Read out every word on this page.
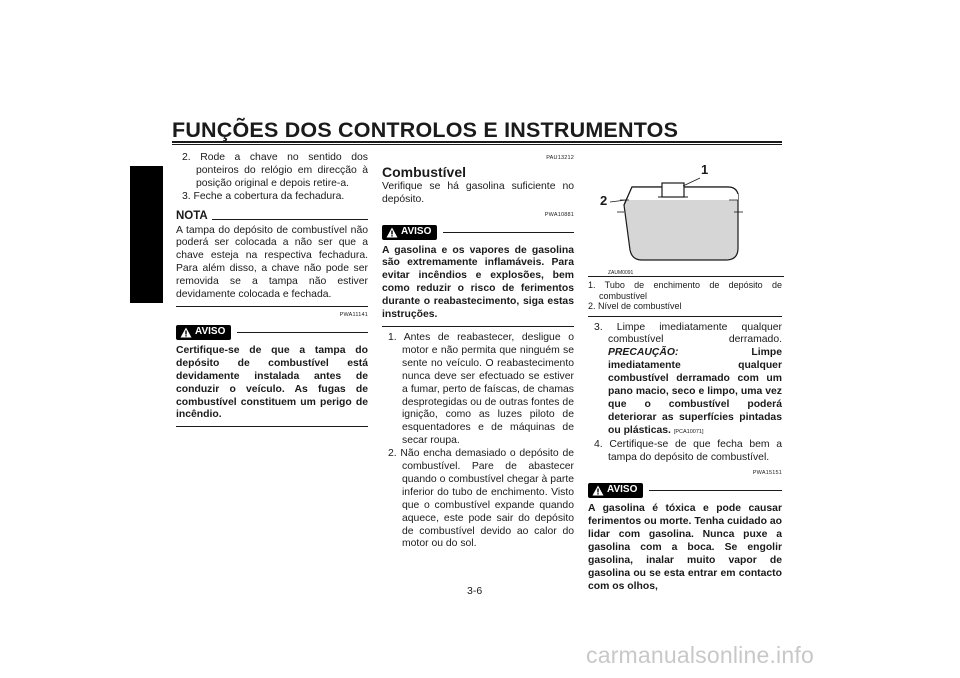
FUNÇÕES DOS CONTROLOS E INSTRUMENTOS
3

2. Rode a chave no sentido dos ponteiros do relógio em direcção à posição original e depois retire-a.

3. Feche a cobertura da fechadura.

NOTA

A tampa do depósito de combustível não poderá ser colocada a não ser que a chave esteja na respectiva fechadura. Para além disso, a chave não pode ser removida se a tampa não estiver devidamente colocada e fechada.

PWA11141
AVISO

Certifique-se de que a tampa do depósito de combustível está devidamente instalada antes de conduzir o veículo. As fugas de combustível constituem um perigo de incêndio.

PAU13212
Combustível

Verifique se há gasolina suficiente no depósito.

PWA10881
AVISO

A gasolina e os vapores de gasolina são extremamente inflamáveis. Para evitar incêndios e explosões, bem como reduzir o risco de ferimentos durante o reabastecimento, siga estas instruções.

1. Antes de reabastecer, desligue o motor e não permita que ninguém se sente no veículo. O reabastecimento nunca deve ser efectuado se estiver a fumar, perto de faíscas, de chamas desprotegidas ou de outras fontes de ignição, como as luzes piloto de esquentadores e de máquinas de secar roupa.

2. Não encha demasiado o depósito de combustível. Pare de abastecer quando o combustível chegar à parte inferior do tubo de enchimento. Visto que o combustível expande quando aquece, este pode sair do depósito de combustível devido ao calor do motor ou do sol.

1
2
ZAUM0091

1. Tubo de enchimento de depósito de combustível

2. Nível de combustível

3. Limpe imediatamente qualquer combustível derramado. PRECAUÇÃO:	Limpe imediatamente qualquer combustível derramado com um pano macio, seco e limpo, uma vez que o combustível poderá deteriorar as superfícies pintadas ou plásticas. [PCA10071]

4. Certifique-se de que fecha bem a tampa do depósito de combustível.

PWA15151
AVISO

A gasolina é tóxica e pode causar ferimentos ou morte. Tenha cuidado ao lidar com gasolina. Nunca puxe a gasolina com a boca. Se engolir gasolina, inalar muito vapor de gasolina ou se esta entrar em contacto com os olhos,

3-6
carmanualsonline.info
